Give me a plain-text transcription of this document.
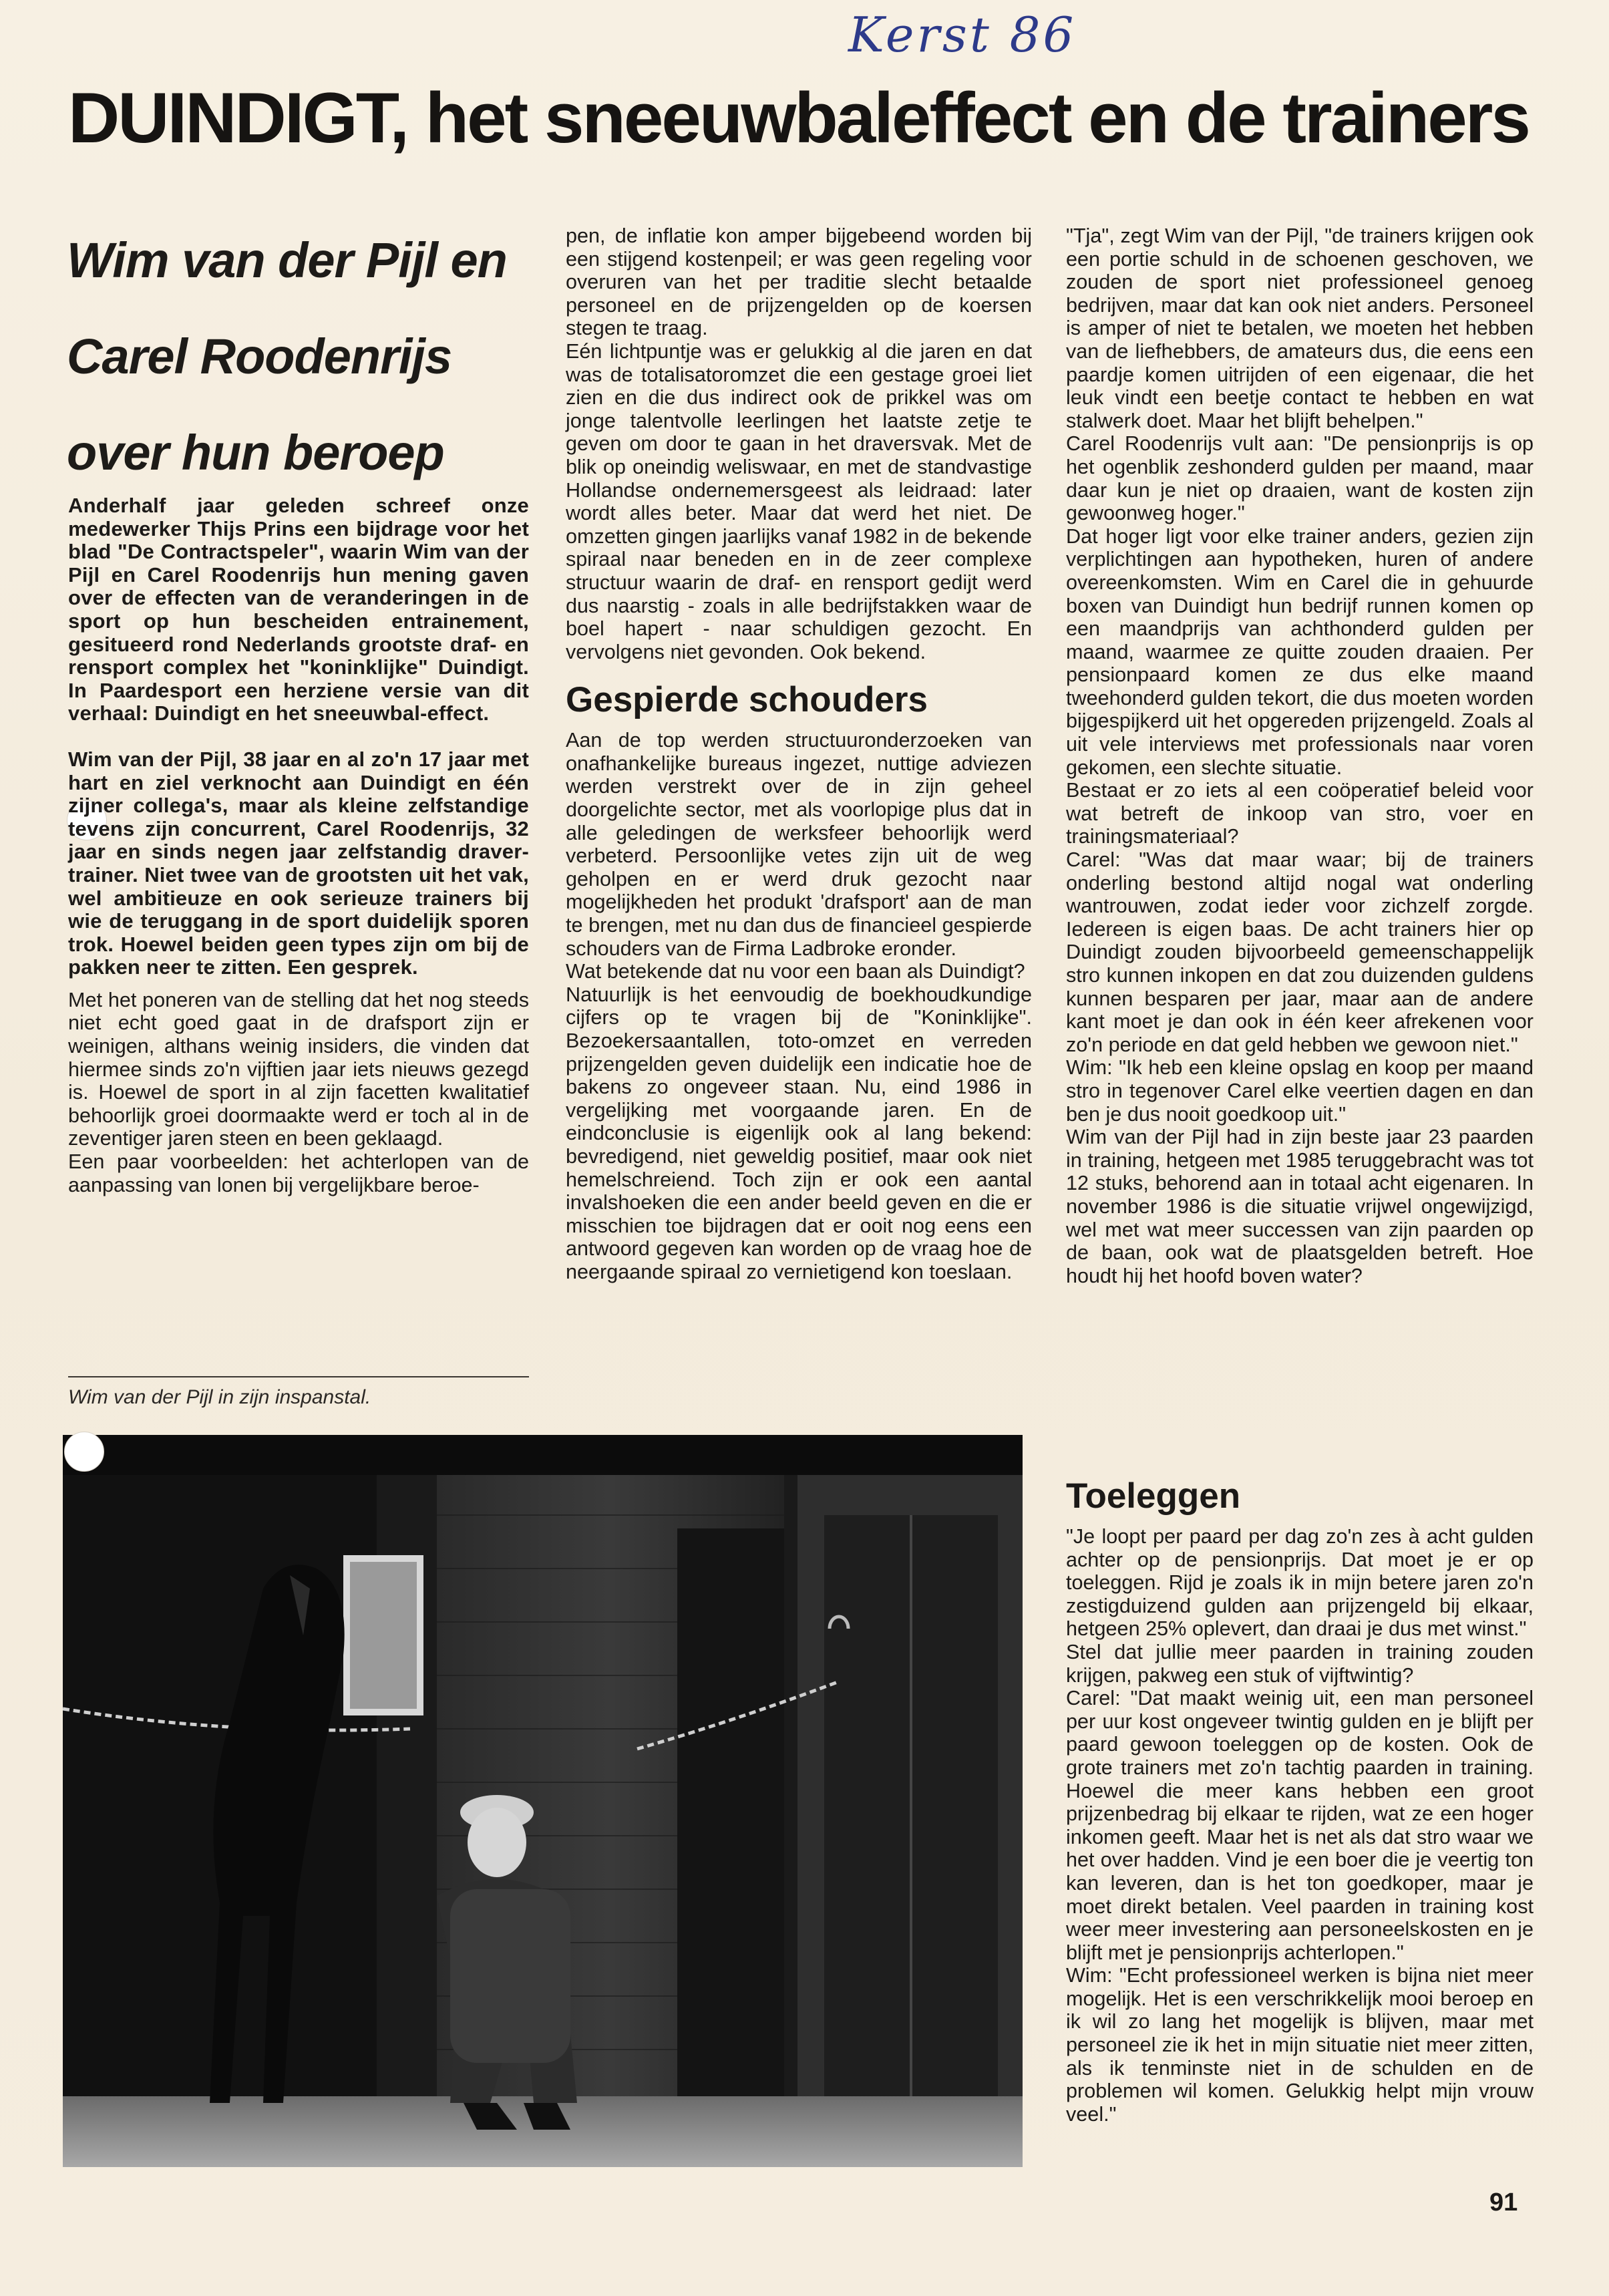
Kerst 86
DUINDIGT, het sneeuwbaleffect en de trainers
Wim van der Pijl en
Carel Roodenrijs
over hun beroep

Anderhalf jaar geleden schreef onze medewerker Thijs Prins een bijdrage voor het blad "De Contractspeler", waarin Wim van der Pijl en Carel Roodenrijs hun mening gaven over de effecten van de veranderingen in de sport op hun bescheiden entrainement, gesitueerd rond Nederlands grootste draf- en rensport complex het "koninklijke" Duindigt. In Paardesport een herziene versie van dit verhaal: Duindigt en het sneeuwbal-effect.

Wim van der Pijl, 38 jaar en al zo'n 17 jaar met hart en ziel verknocht aan Duindigt en één zijner collega's, maar als kleine zelfstandige tevens zijn concurrent, Carel Roodenrijs, 32 jaar en sinds negen jaar zelfstandig draver-trainer. Niet twee van de grootsten uit het vak, wel ambitieuze en ook serieuze trainers bij wie de teruggang in de sport duidelijk sporen trok. Hoewel beiden geen types zijn om bij de pakken neer te zitten. Een gesprek.

Met het poneren van de stelling dat het nog steeds niet echt goed gaat in de drafsport zijn er weinigen, althans weinig insiders, die vinden dat hiermee sinds zo'n vijftien jaar iets nieuws gezegd is. Hoewel de sport in al zijn facetten kwalitatief behoorlijk groei doormaakte werd er toch al in de zeventiger jaren steen en been geklaagd.

Een paar voorbeelden: het achterlopen van de aanpassing van lonen bij vergelijkbare beroe-

Wim van der Pijl in zijn inspanstal.

pen, de inflatie kon amper bijgebeend worden bij een stijgend kostenpeil; er was geen regeling voor overuren van het per traditie slecht betaalde personeel en de prijzengelden op de koersen stegen te traag.

Eén lichtpuntje was er gelukkig al die jaren en dat was de totalisatoromzet die een gestage groei liet zien en die dus indirect ook de prikkel was om jonge talentvolle leerlingen het laatste zetje te geven om door te gaan in het draversvak. Met de blik op oneindig weliswaar, en met de standvastige Hollandse ondernemersgeest als leidraad: later wordt alles beter. Maar dat werd het niet. De omzetten gingen jaarlijks vanaf 1982 in de bekende spiraal naar beneden en in de zeer complexe structuur waarin de draf- en rensport gedijt werd dus naarstig - zoals in alle bedrijfstakken waar de boel hapert - naar schuldigen gezocht. En vervolgens niet gevonden. Ook bekend.

Gespierde schouders

Aan de top werden structuuronderzoeken van onafhankelijke bureaus ingezet, nuttige adviezen werden verstrekt over de in zijn geheel doorgelichte sector, met als voorlopige plus dat in alle geledingen de werksfeer behoorlijk werd verbeterd. Persoonlijke vetes zijn uit de weg geholpen en er werd druk gezocht naar mogelijkheden het produkt 'drafsport' aan de man te brengen, met nu dan dus de financieel gespierde schouders van de Firma Ladbroke eronder.

Wat betekende dat nu voor een baan als Duindigt?

Natuurlijk is het eenvoudig de boekhoudkundige cijfers op te vragen bij de "Koninklijke". Bezoekersaantallen, toto-omzet en verreden prijzengelden geven duidelijk een indicatie hoe de bakens zo ongeveer staan. Nu, eind 1986 in vergelijking met voorgaande jaren. En de eindconclusie is eigenlijk ook al lang bekend: bevredigend, niet geweldig positief, maar ook niet hemelschreiend. Toch zijn er ook een aantal invalshoeken die een ander beeld geven en die er misschien toe bijdragen dat er ooit nog eens een antwoord gegeven kan worden op de vraag hoe de neergaande spiraal zo vernietigend kon toeslaan.

"Tja", zegt Wim van der Pijl, "de trainers krijgen ook een portie schuld in de schoenen geschoven, we zouden de sport niet professioneel genoeg bedrijven, maar dat kan ook niet anders. Personeel is amper of niet te betalen, we moeten het hebben van de liefhebbers, de amateurs dus, die eens een paardje komen uitrijden of een eigenaar, die het leuk vindt een beetje contact te hebben en wat stalwerk doet. Maar het blijft behelpen."

Carel Roodenrijs vult aan: "De pensionprijs is op het ogenblik zeshonderd gulden per maand, maar daar kun je niet op draaien, want de kosten zijn gewoonweg hoger."

Dat hoger ligt voor elke trainer anders, gezien zijn verplichtingen aan hypotheken, huren of andere overeenkomsten. Wim en Carel die in gehuurde boxen van Duindigt hun bedrijf runnen komen op een maandprijs van achthonderd gulden per maand, waarmee ze quitte zouden draaien. Per pensionpaard komen ze dus elke maand tweehonderd gulden tekort, die dus moeten worden bijgespijkerd uit het opgereden prijzengeld. Zoals al uit vele interviews met professionals naar voren gekomen, een slechte situatie.

Bestaat er zo iets al een coöperatief beleid voor wat betreft de inkoop van stro, voer en trainingsmateriaal?

Carel: "Was dat maar waar; bij de trainers onderling bestond altijd nogal wat onderling wantrouwen, zodat ieder voor zichzelf zorgde. Iedereen is eigen baas. De acht trainers hier op Duindigt zouden bijvoorbeeld gemeenschappelijk stro kunnen inkopen en dat zou duizenden guldens kunnen besparen per jaar, maar aan de andere kant moet je dan ook in één keer afrekenen voor zo'n periode en dat geld hebben we gewoon niet."

Wim: "Ik heb een kleine opslag en koop per maand stro in tegenover Carel elke veertien dagen en dan ben je dus nooit goedkoop uit."

Wim van der Pijl had in zijn beste jaar 23 paarden in training, hetgeen met 1985 teruggebracht was tot 12 stuks, behorend aan in totaal acht eigenaren. In november 1986 is die situatie vrijwel ongewijzigd, wel met wat meer successen van zijn paarden op de baan, ook wat de plaatsgelden betreft. Hoe houdt hij het hoofd boven water?

Toeleggen

"Je loopt per paard per dag zo'n zes à acht gulden achter op de pensionprijs. Dat moet je er op toeleggen. Rijd je zoals ik in mijn betere jaren zo'n zestigduizend gulden aan prijzengeld bij elkaar, hetgeen 25% oplevert, dan draai je dus met winst."

Stel dat jullie meer paarden in training zouden krijgen, pakweg een stuk of vijftwintig?

Carel: "Dat maakt weinig uit, een man personeel per uur kost ongeveer twintig gulden en je blijft per paard gewoon toeleggen op de kosten. Ook de grote trainers met zo'n tachtig paarden in training. Hoewel die meer kans hebben een groot prijzenbedrag bij elkaar te rijden, wat ze een hoger inkomen geeft. Maar het is net als dat stro waar we het over hadden. Vind je een boer die je veertig ton kan leveren, dan is het ton goedkoper, maar je moet direkt betalen. Veel paarden in training kost weer meer investering aan personeelskosten en je blijft met je pensionprijs achterlopen."

Wim: "Echt professioneel werken is bijna niet meer mogelijk. Het is een verschrikkelijk mooi beroep en ik wil zo lang het mogelijk is blijven, maar met personeel zie ik het in mijn situatie niet meer zitten, als ik tenminste niet in de schulden en de problemen wil komen. Gelukkig helpt mijn vrouw veel."

91
